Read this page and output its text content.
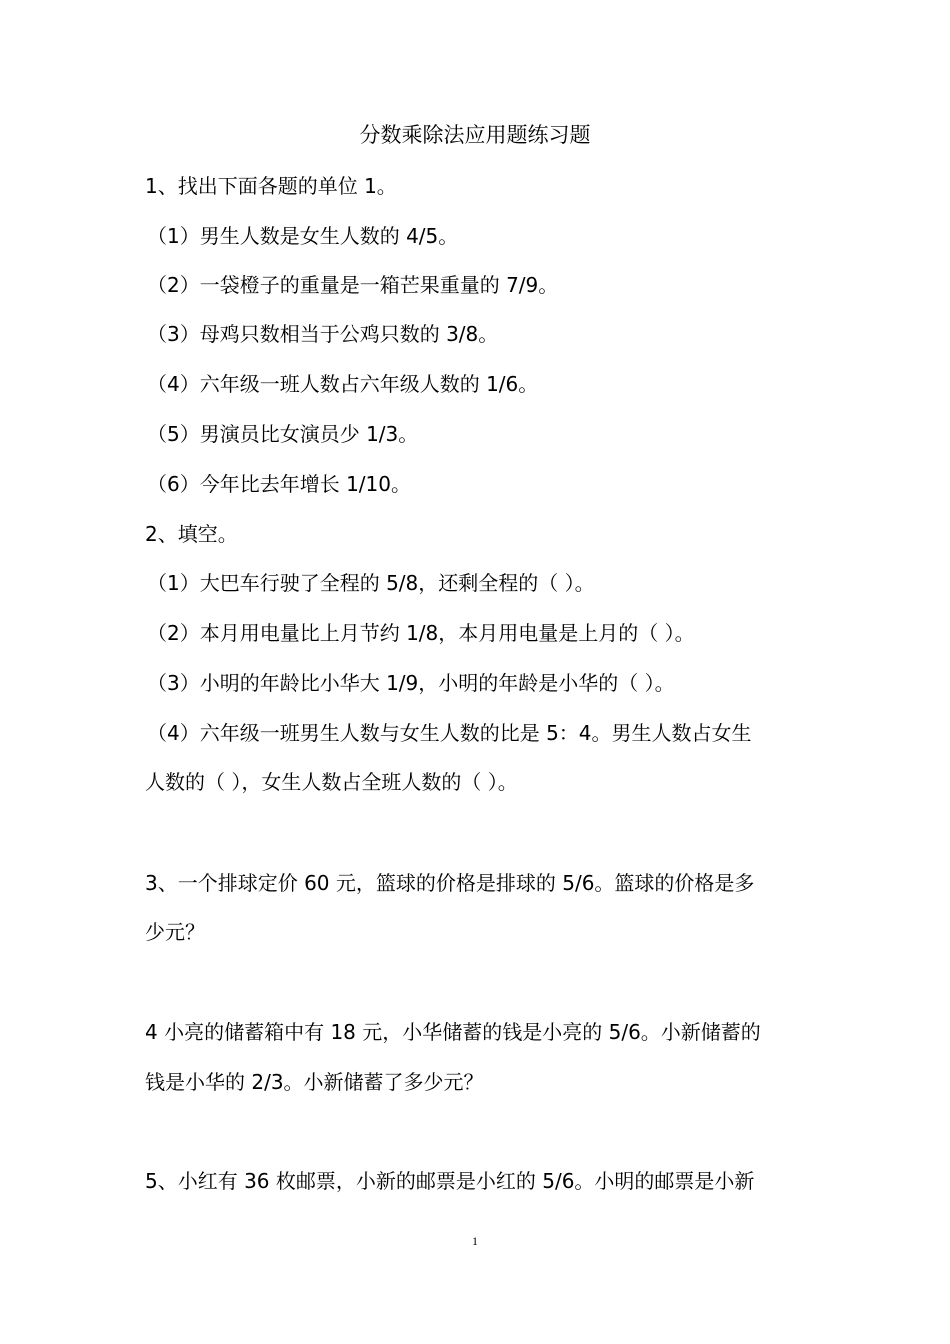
分数乘除法应用题练习题
1、找出下面各题的单位 1。
（1）男生人数是女生人数的 4/5。
（2）一袋橙子的重量是一箱芒果重量的 7/9。
（3）母鸡只数相当于公鸡只数的 3/8。
（4）六年级一班人数占六年级人数的 1/6。
（5）男演员比女演员少 1/3。
（6）今年比去年增长 1/10。
2、填空。
（1）大巴车行驶了全程的 5/8，还剩全程的（ ）。
（2）本月用电量比上月节约 1/8，本月用电量是上月的（ ）。
（3）小明的年龄比小华大 1/9，小明的年龄是小华的（ ）。
（4）六年级一班男生人数与女生人数的比是 5：4。男生人数占女生
人数的（ ），女生人数占全班人数的（ ）。
3、一个排球定价 60 元，篮球的价格是排球的 5/6。篮球的价格是多
少元？
4 小亮的储蓄箱中有 18 元，小华储蓄的钱是小亮的 5/6。小新储蓄的
钱是小华的 2/3。小新储蓄了多少元？
5、小红有 36 枚邮票，小新的邮票是小红的 5/6。小明的邮票是小新
1
